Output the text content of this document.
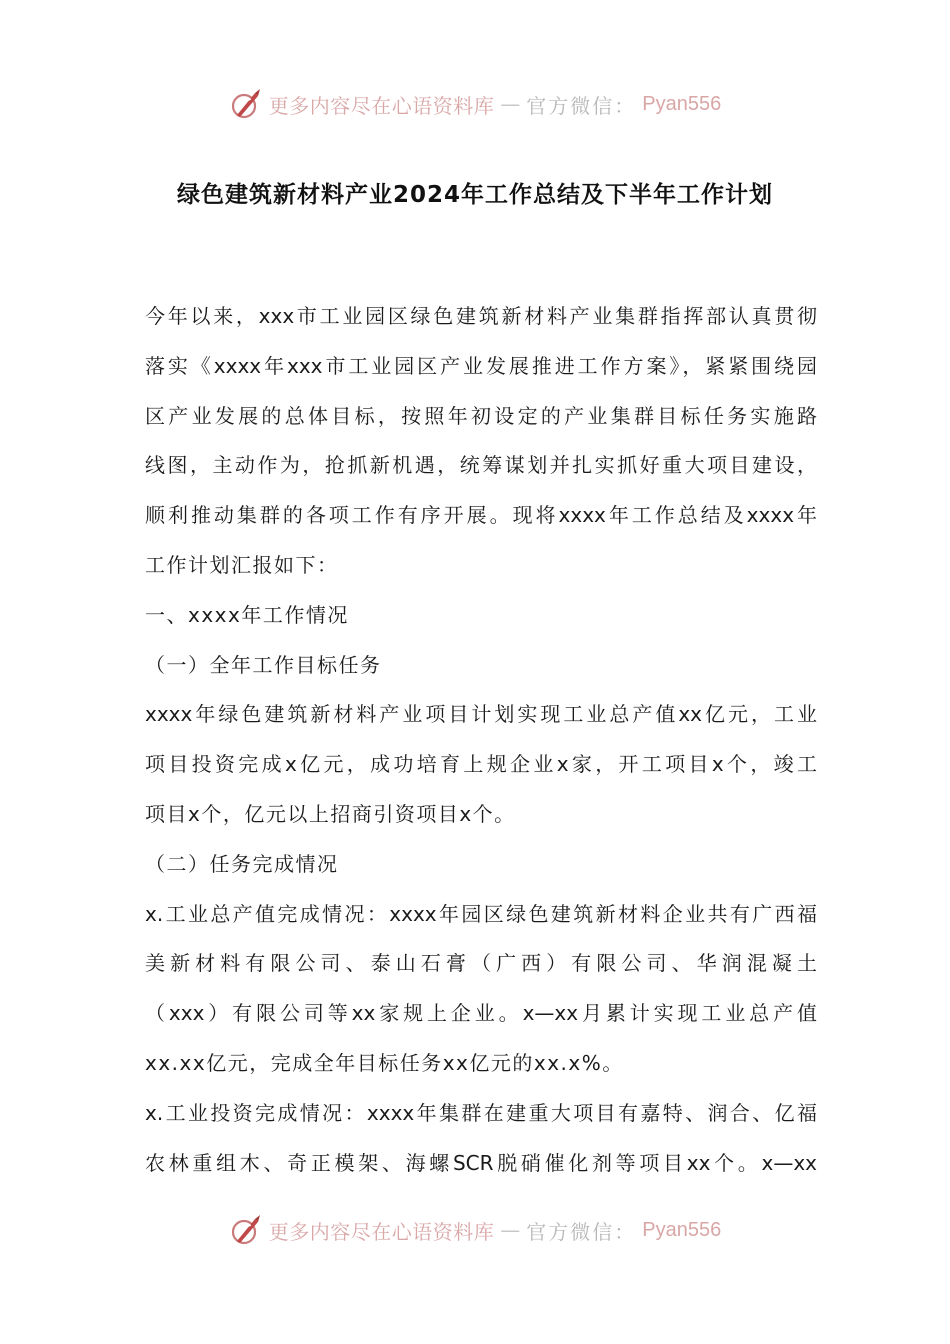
更多内容尽在心语资料库 — 官方微信： Pyan556
绿色建筑新材料产业2024年工作总结及下半年工作计划
今年以来，xxx市工业园区绿色建筑新材料产业集群指挥部认真贯彻
落实《xxxx年xxx市工业园区产业发展推进工作方案》，紧紧围绕园
区产业发展的总体目标，按照年初设定的产业集群目标任务实施路
线图，主动作为，抢抓新机遇，统筹谋划并扎实抓好重大项目建设，
顺利推动集群的各项工作有序开展。现将xxxx年工作总结及xxxx年
工作计划汇报如下：
一、xxxx年工作情况
（一）全年工作目标任务
xxxx年绿色建筑新材料产业项目计划实现工业总产值xx亿元，工业
项目投资完成x亿元，成功培育上规企业x家，开工项目x个，竣工
项目x个，亿元以上招商引资项目x个。
（二）任务完成情况
x.工业总产值完成情况：xxxx年园区绿色建筑新材料企业共有广西福
美新材料有限公司、泰山石膏（广西）有限公司、华润混凝土
（xxx）有限公司等xx家规上企业。x—xx月累计实现工业总产值
xx.xx亿元，完成全年目标任务xx亿元的xx.x%。
x.工业投资完成情况：xxxx年集群在建重大项目有嘉特、润合、亿福
农林重组木、奇正模架、海螺SCR脱硝催化剂等项目xx个。x—xx
更多内容尽在心语资料库 — 官方微信： Pyan556
